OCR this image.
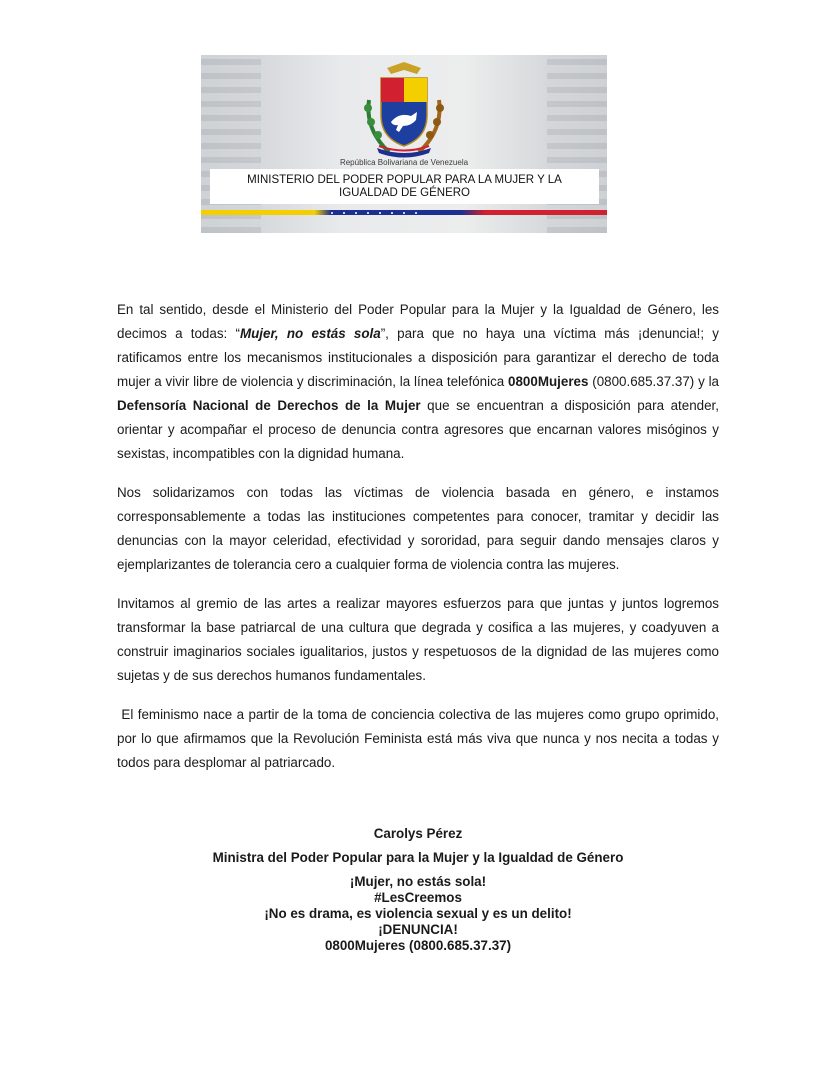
República Bolivariana de Venezuela
MINISTERIO DEL PODER POPULAR PARA LA MUJER Y LA IGUALDAD DE GÉNERO

En tal sentido, desde el Ministerio del Poder Popular para la Mujer y la Igualdad de Género, les decimos a todas: “Mujer, no estás sola”, para que no haya una víctima más ¡denuncia!; y ratificamos entre los mecanismos institucionales a disposición para garantizar el derecho de toda mujer a vivir libre de violencia y discriminación, la línea telefónica 0800Mujeres (0800.685.37.37) y la Defensoría Nacional de Derechos de la Mujer que se encuentran a disposición para atender, orientar y acompañar el proceso de denuncia contra agresores que encarnan valores misóginos y sexistas, incompatibles con la dignidad humana.

Nos solidarizamos con todas las víctimas de violencia basada en género, e instamos corresponsablemente a todas las instituciones competentes para conocer, tramitar y decidir las denuncias con la mayor celeridad, efectividad y sororidad, para seguir dando mensajes claros y ejemplarizantes de tolerancia cero a cualquier forma de violencia contra las mujeres.

Invitamos al gremio de las artes a realizar mayores esfuerzos para que juntas y juntos logremos transformar la base patriarcal de una cultura que degrada y cosifica a las mujeres, y coadyuven a construir imaginarios sociales igualitarios, justos y respetuosos de la dignidad de las mujeres como sujetas y de sus derechos humanos fundamentales.

El feminismo nace a partir de la toma de conciencia colectiva de las mujeres como grupo oprimido, por lo que afirmamos que la Revolución Feminista está más viva que nunca y nos necita a todas y todos para desplomar al patriarcado.

Carolys Pérez
Ministra del Poder Popular para la Mujer y la Igualdad de Género
¡Mujer, no estás sola!
#LesCreemos
¡No es drama, es violencia sexual y es un delito!
¡DENUNCIA!
0800Mujeres (0800.685.37.37)
